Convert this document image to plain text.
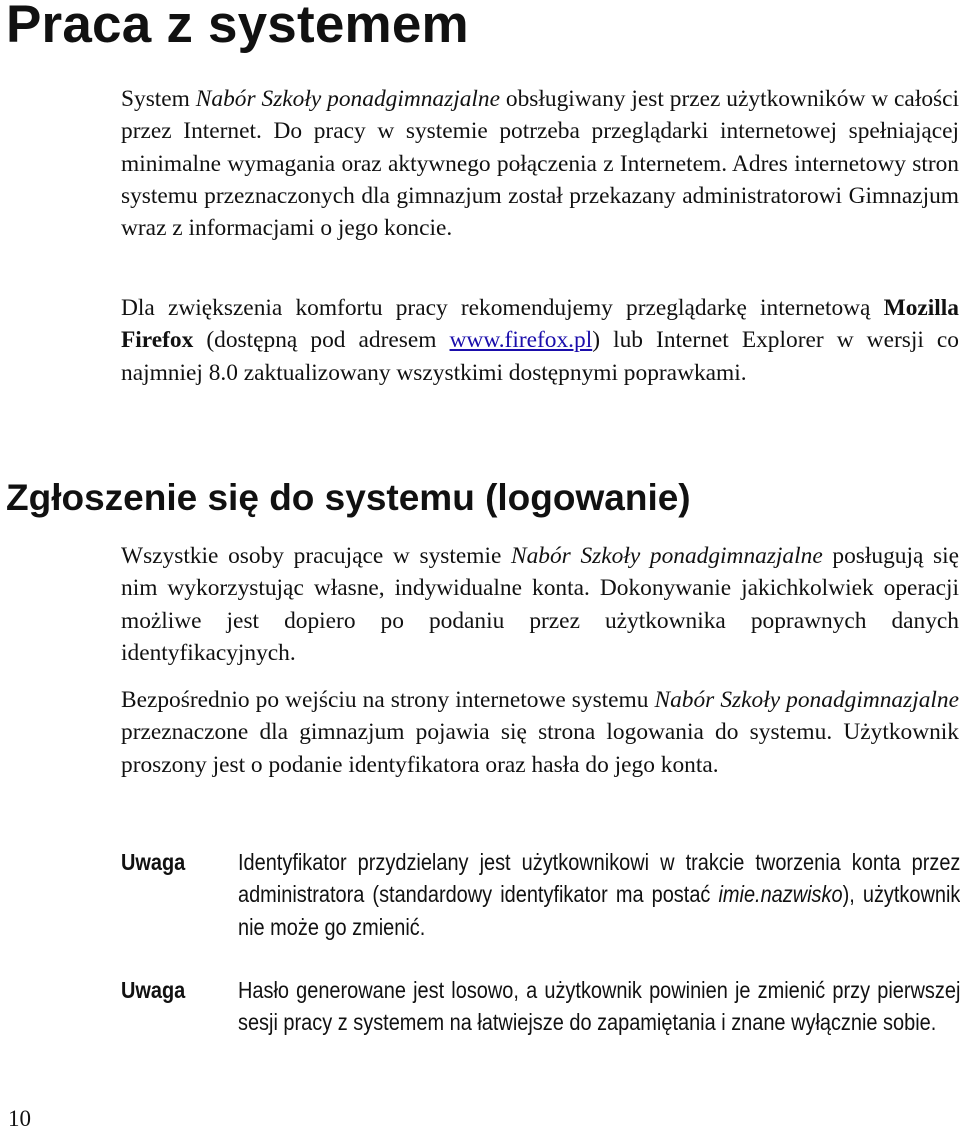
Praca z systemem

System Nabór Szkoły ponadgimnazjalne obsługiwany jest przez użytkowników w całości przez Internet. Do pracy w systemie potrzeba przeglądarki internetowej spełniającej minimalne wymagania oraz aktywnego połączenia z Internetem. Adres internetowy stron systemu przeznaczonych dla gimnazjum został przekazany administratorowi Gimnazjum wraz z informacjami o jego koncie.

Dla zwiększenia komfortu pracy rekomendujemy przeglądarkę internetową Mozilla Firefox (dostępną pod adresem www.firefox.pl) lub Internet Explorer w wersji co najmniej 8.0 zaktualizowany wszystkimi dostępnymi poprawkami.

Zgłoszenie się do systemu (logowanie)

Wszystkie osoby pracujące w systemie Nabór Szkoły ponadgimnazjalne posługują się nim wykorzystując własne, indywidualne konta. Dokonywanie jakichkolwiek operacji możliwe jest dopiero po podaniu przez użytkownika poprawnych danych identyfikacyjnych.

Bezpośrednio po wejściu na strony internetowe systemu Nabór Szkoły ponadgimnazjalne przeznaczone dla gimnazjum pojawia się strona logowania do systemu. Użytkownik proszony jest o podanie identyfikatora oraz hasła do jego konta.

Uwaga	Identyfikator przydzielany jest użytkownikowi w trakcie tworzenia konta przez administratora (standardowy identyfikator ma postać imie.nazwisko), użytkownik nie może go zmienić.
Uwaga	Hasło generowane jest losowo, a użytkownik powinien je zmienić przy pierwszej sesji pracy z systemem na łatwiejsze do zapamiętania i znane wyłącznie sobie.
10
